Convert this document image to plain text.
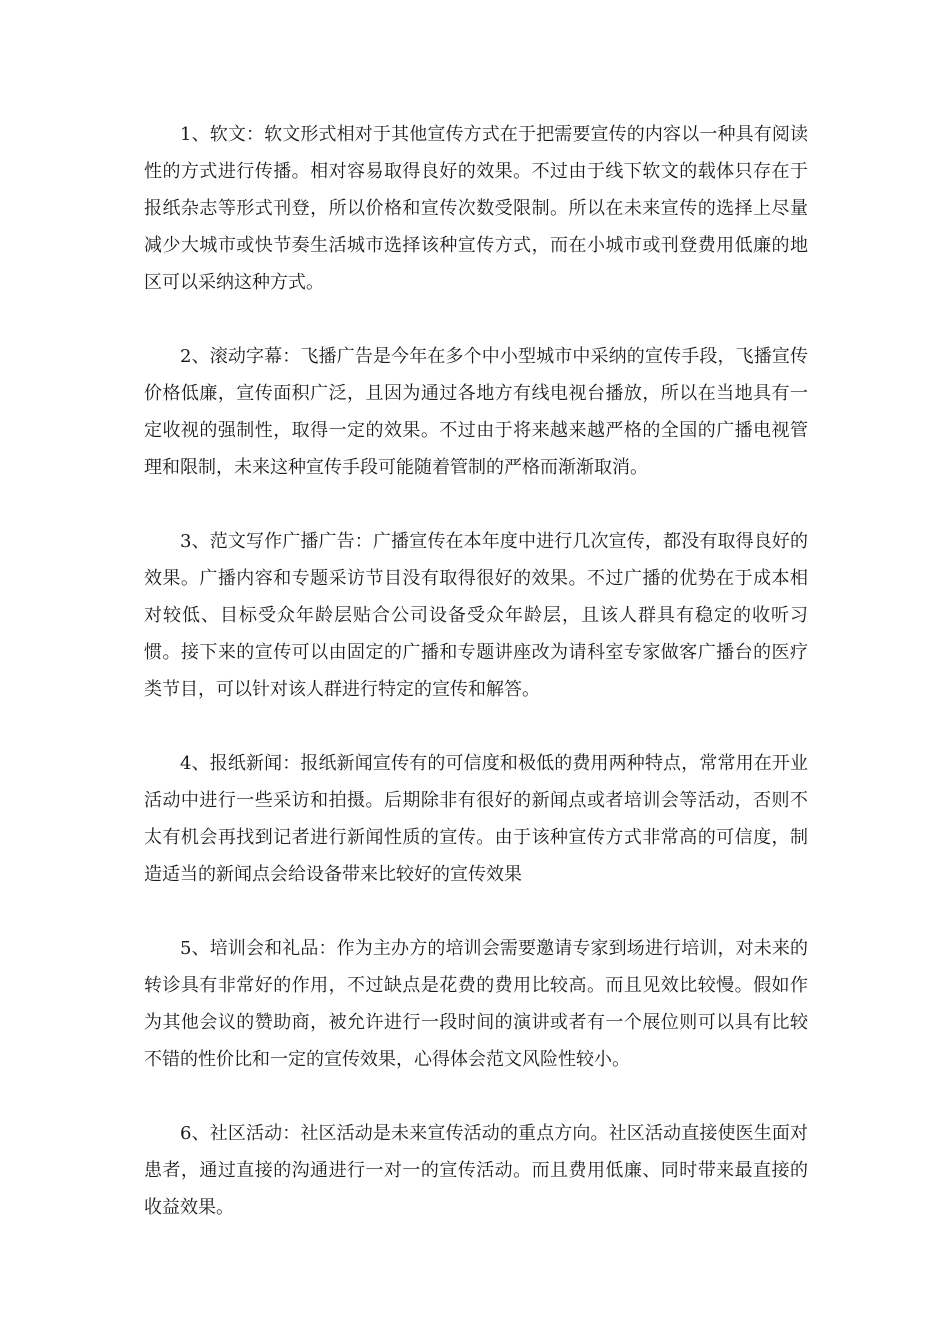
1、软文：软文形式相对于其他宣传方式在于把需要宣传的内容以一种具有阅读性的方式进行传播。相对容易取得良好的效果。不过由于线下软文的载体只存在于报纸杂志等形式刊登，所以价格和宣传次数受限制。所以在未来宣传的选择上尽量减少大城市或快节奏生活城市选择该种宣传方式，而在小城市或刊登费用低廉的地区可以采纳这种方式。

2、滚动字幕：飞播广告是今年在多个中小型城市中采纳的宣传手段，飞播宣传价格低廉，宣传面积广泛，且因为通过各地方有线电视台播放，所以在当地具有一定收视的强制性，取得一定的效果。不过由于将来越来越严格的全国的广播电视管理和限制，未来这种宣传手段可能随着管制的严格而渐渐取消。

3、范文写作广播广告：广播宣传在本年度中进行几次宣传，都没有取得良好的效果。广播内容和专题采访节目没有取得很好的效果。不过广播的优势在于成本相对较低、目标受众年龄层贴合公司设备受众年龄层，且该人群具有稳定的收听习惯。接下来的宣传可以由固定的广播和专题讲座改为请科室专家做客广播台的医疗类节目，可以针对该人群进行特定的宣传和解答。

4、报纸新闻：报纸新闻宣传有的可信度和极低的费用两种特点，常常用在开业活动中进行一些采访和拍摄。后期除非有很好的新闻点或者培训会等活动，否则不太有机会再找到记者进行新闻性质的宣传。由于该种宣传方式非常高的可信度，制造适当的新闻点会给设备带来比较好的宣传效果

5、培训会和礼品：作为主办方的培训会需要邀请专家到场进行培训，对未来的转诊具有非常好的作用，不过缺点是花费的费用比较高。而且见效比较慢。假如作为其他会议的赞助商，被允许进行一段时间的演讲或者有一个展位则可以具有比较不错的性价比和一定的宣传效果，心得体会范文风险性较小。

6、社区活动：社区活动是未来宣传活动的重点方向。社区活动直接使医生面对患者，通过直接的沟通进行一对一的宣传活动。而且费用低廉、同时带来最直接的收益效果。
